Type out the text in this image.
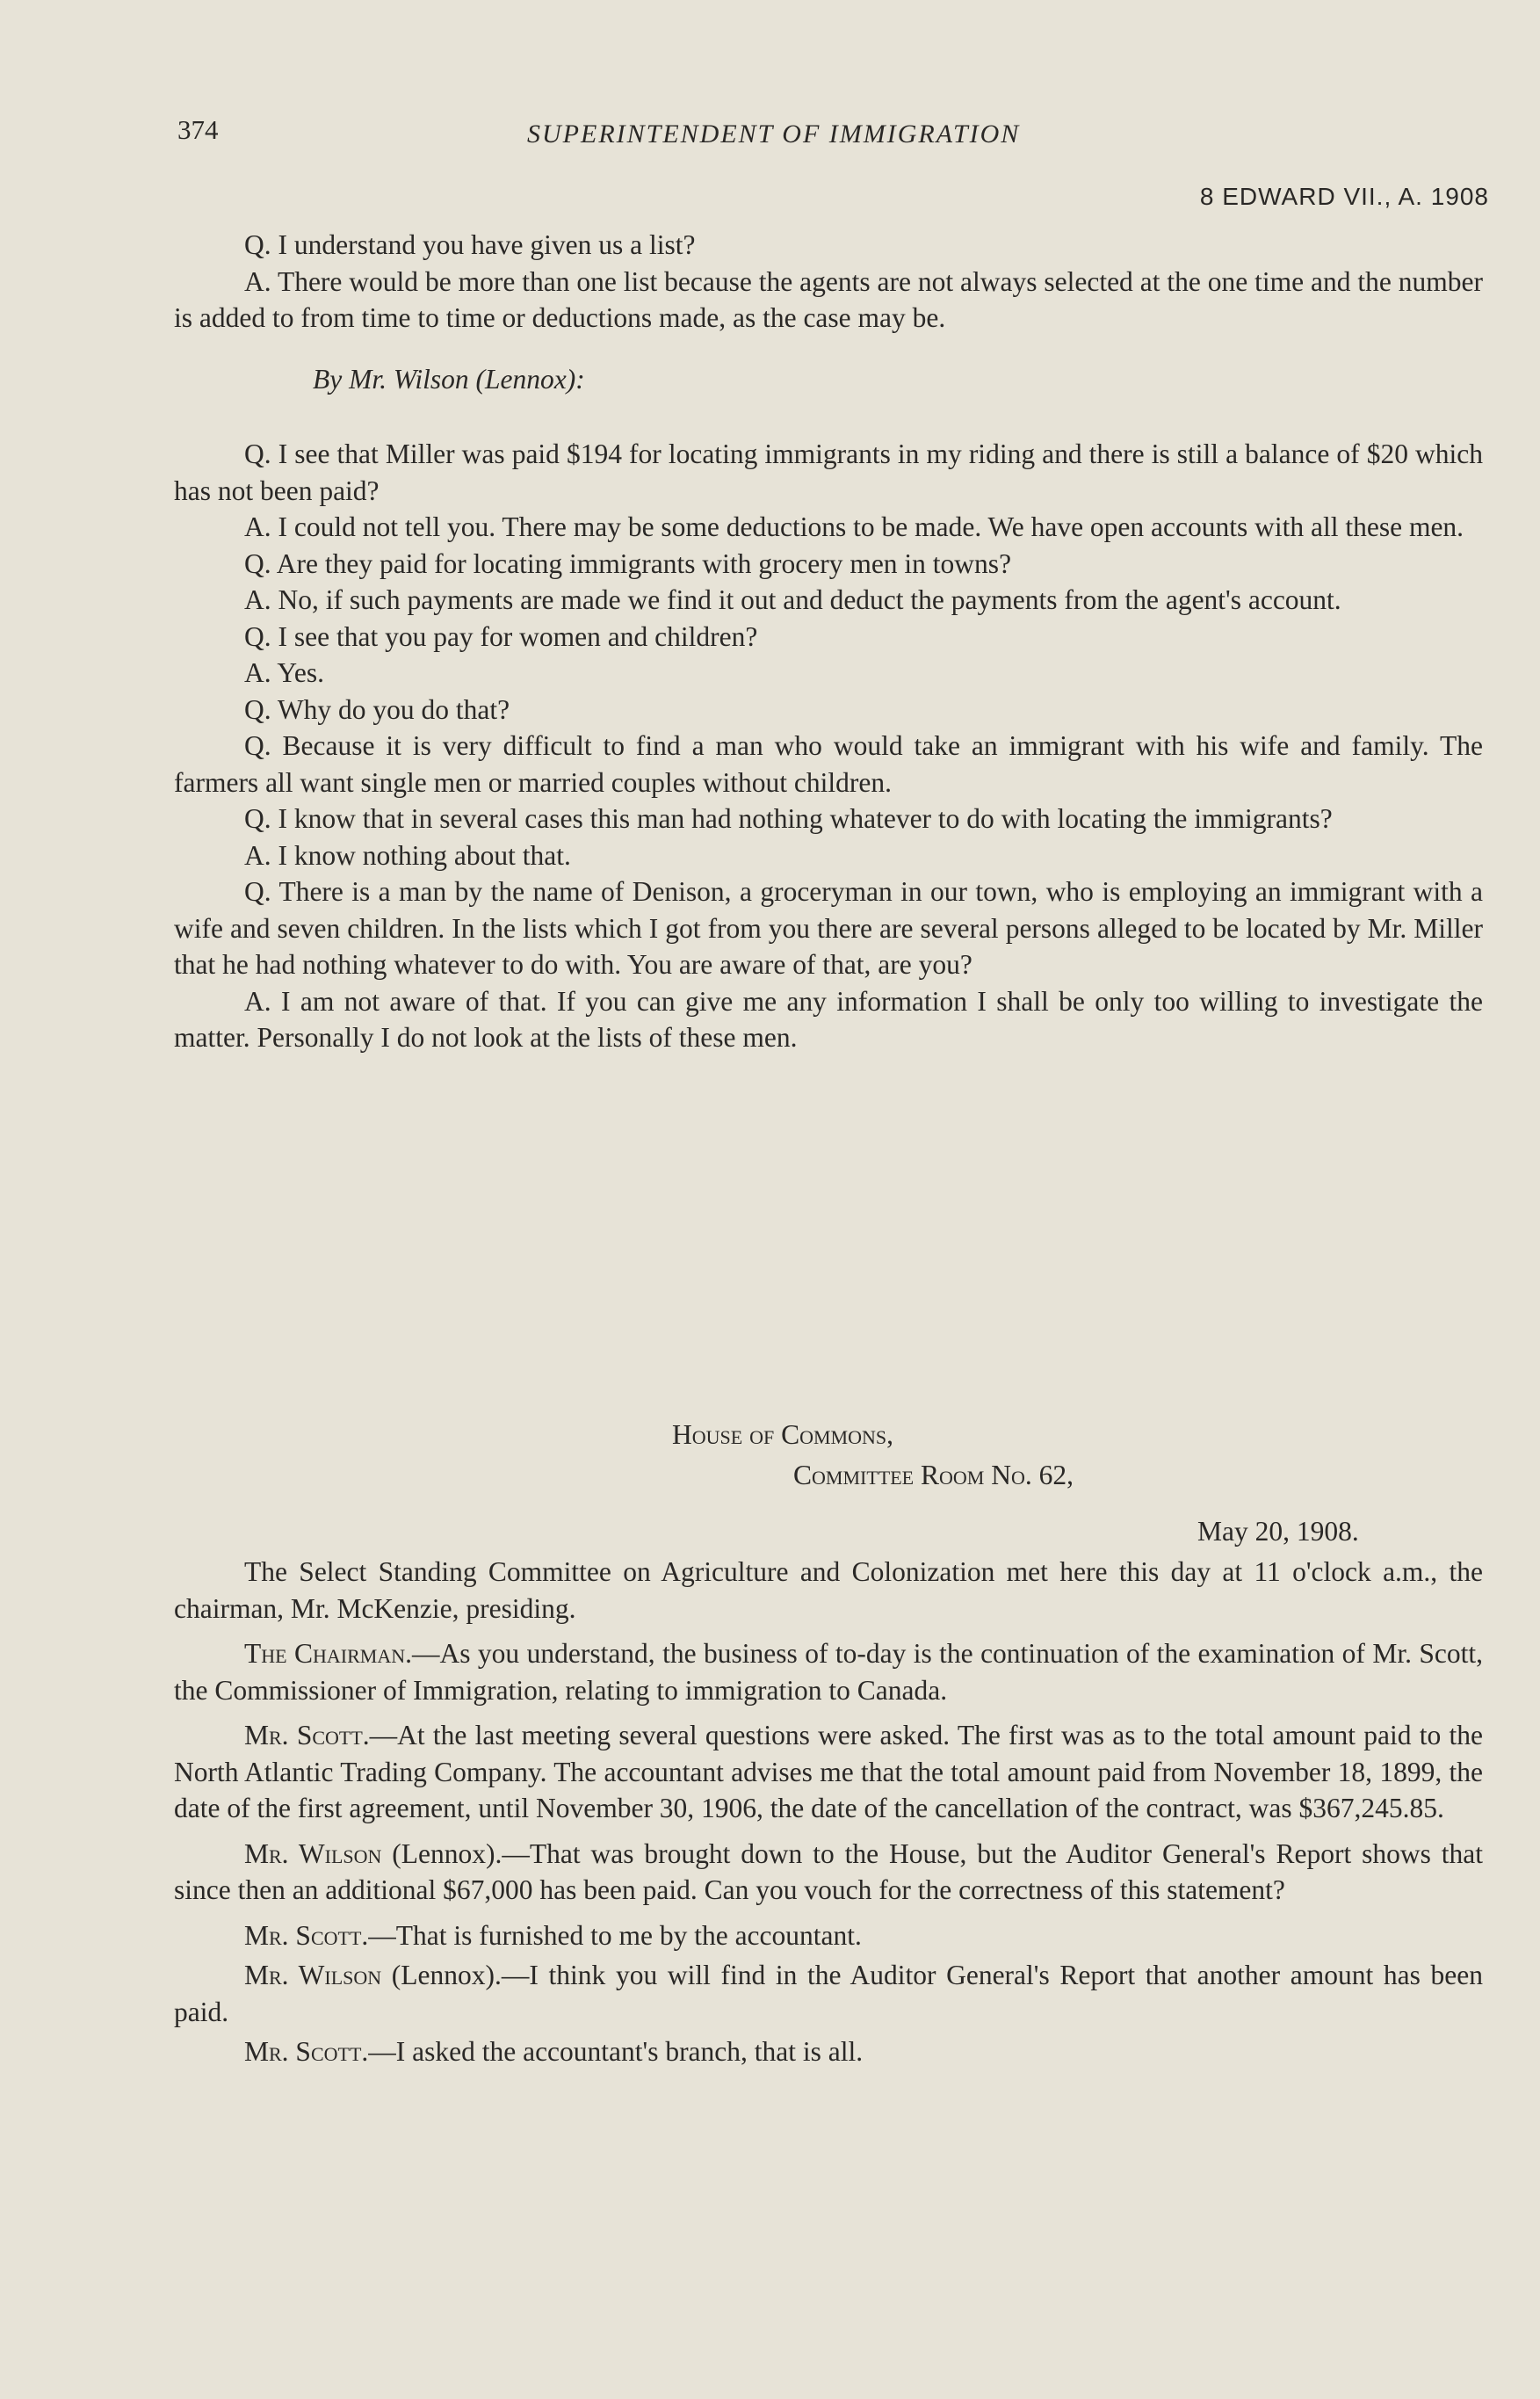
374	SUPERINTENDENT OF IMMIGRATION
8 EDWARD VII., A. 1908

Q. I understand you have given us a list?

A. There would be more than one list because the agents are not always selected at the one time and the number is added to from time to time or deductions made, as the case may be.

By Mr. Wilson (Lennox):

Q. I see that Miller was paid $194 for locating immigrants in my riding and there is still a balance of $20 which has not been paid?

A. I could not tell you. There may be some deductions to be made. We have open accounts with all these men.

Q. Are they paid for locating immigrants with grocery men in towns?

A. No, if such payments are made we find it out and deduct the payments from the agent's account.

Q. I see that you pay for women and children?

A. Yes.

Q. Why do you do that?

Q. Because it is very difficult to find a man who would take an immigrant with his wife and family. The farmers all want single men or married couples without children.

Q. I know that in several cases this man had nothing whatever to do with locating the immigrants?

A. I know nothing about that.

Q. There is a man by the name of Denison, a groceryman in our town, who is employing an immigrant with a wife and seven children. In the lists which I got from you there are several persons alleged to be located by Mr. Miller that he had nothing whatever to do with. You are aware of that, are you?

A. I am not aware of that. If you can give me any information I shall be only too willing to investigate the matter. Personally I do not look at the lists of these men.

House of Commons,
Committee Room No. 62,
May 20, 1908.

The Select Standing Committee on Agriculture and Colonization met here this day at 11 o'clock a.m., the chairman, Mr. McKenzie, presiding.

The Chairman.—As you understand, the business of to-day is the continuation of the examination of Mr. Scott, the Commissioner of Immigration, relating to immigration to Canada.

Mr. Scott.—At the last meeting several questions were asked. The first was as to the total amount paid to the North Atlantic Trading Company. The accountant advises me that the total amount paid from November 18, 1899, the date of the first agreement, until November 30, 1906, the date of the cancellation of the contract, was $367,245.85.

Mr. Wilson (Lennox).—That was brought down to the House, but the Auditor General's Report shows that since then an additional $67,000 has been paid. Can you vouch for the correctness of this statement?

Mr. Scott.—That is furnished to me by the accountant.

Mr. Wilson (Lennox).—I think you will find in the Auditor General's Report that another amount has been paid.

Mr. Scott.—I asked the accountant's branch, that is all.
